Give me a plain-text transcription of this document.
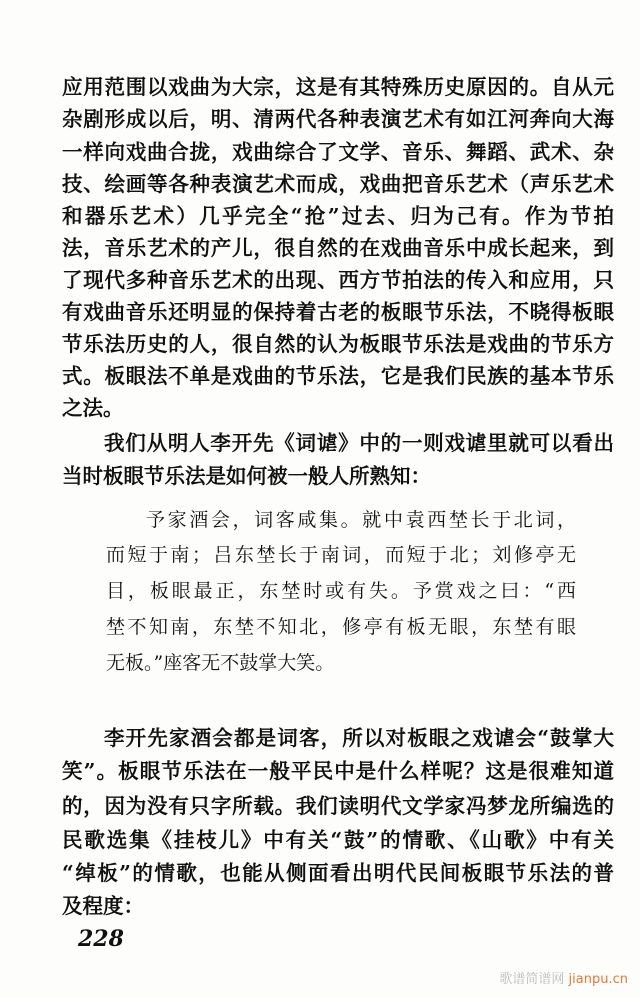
应用范围以戏曲为大宗，这是有其特殊历史原因的。自从元
杂剧形成以后，明、清两代各种表演艺术有如江河奔向大海
一样向戏曲合拢，戏曲综合了文学、音乐、舞蹈、武术、杂
技、绘画等各种表演艺术而成，戏曲把音乐艺术（声乐艺术
和器乐艺术）几乎完全“抢”过去、归为己有。作为节拍
法，音乐艺术的产儿，很自然的在戏曲音乐中成长起来，到
了现代多种音乐艺术的出现、西方节拍法的传入和应用，只
有戏曲音乐还明显的保持着古老的板眼节乐法，不晓得板眼
节乐法历史的人，很自然的认为板眼节乐法是戏曲的节乐方
式。板眼法不单是戏曲的节乐法，它是我们民族的基本节乐
之法。
我们从明人李开先《词谑》中的一则戏谑里就可以看出
当时板眼节乐法是如何被一般人所熟知：
予家酒会，词客咸集。就中袁西埜长于北词，
而短于南；吕东埜长于南词，而短于北；刘修亭无
目，板眼最正，东埜时或有失。予赏戏之曰：“西
埜不知南，东埜不知北，修亭有板无眼，东埜有眼
无板。”座客无不鼓掌大笑。
李开先家酒会都是词客，所以对板眼之戏谑会“鼓掌大
笑”。板眼节乐法在一般平民中是什么样呢？这是很难知道
的，因为没有只字所载。我们读明代文学家冯梦龙所编选的
民歌选集《挂枝儿》中有关“鼓”的情歌、《山歌》中有关
“绰板”的情歌，也能从侧面看出明代民间板眼节乐法的普
及程度：
228
歌谱简谱网 jianpu.cn
